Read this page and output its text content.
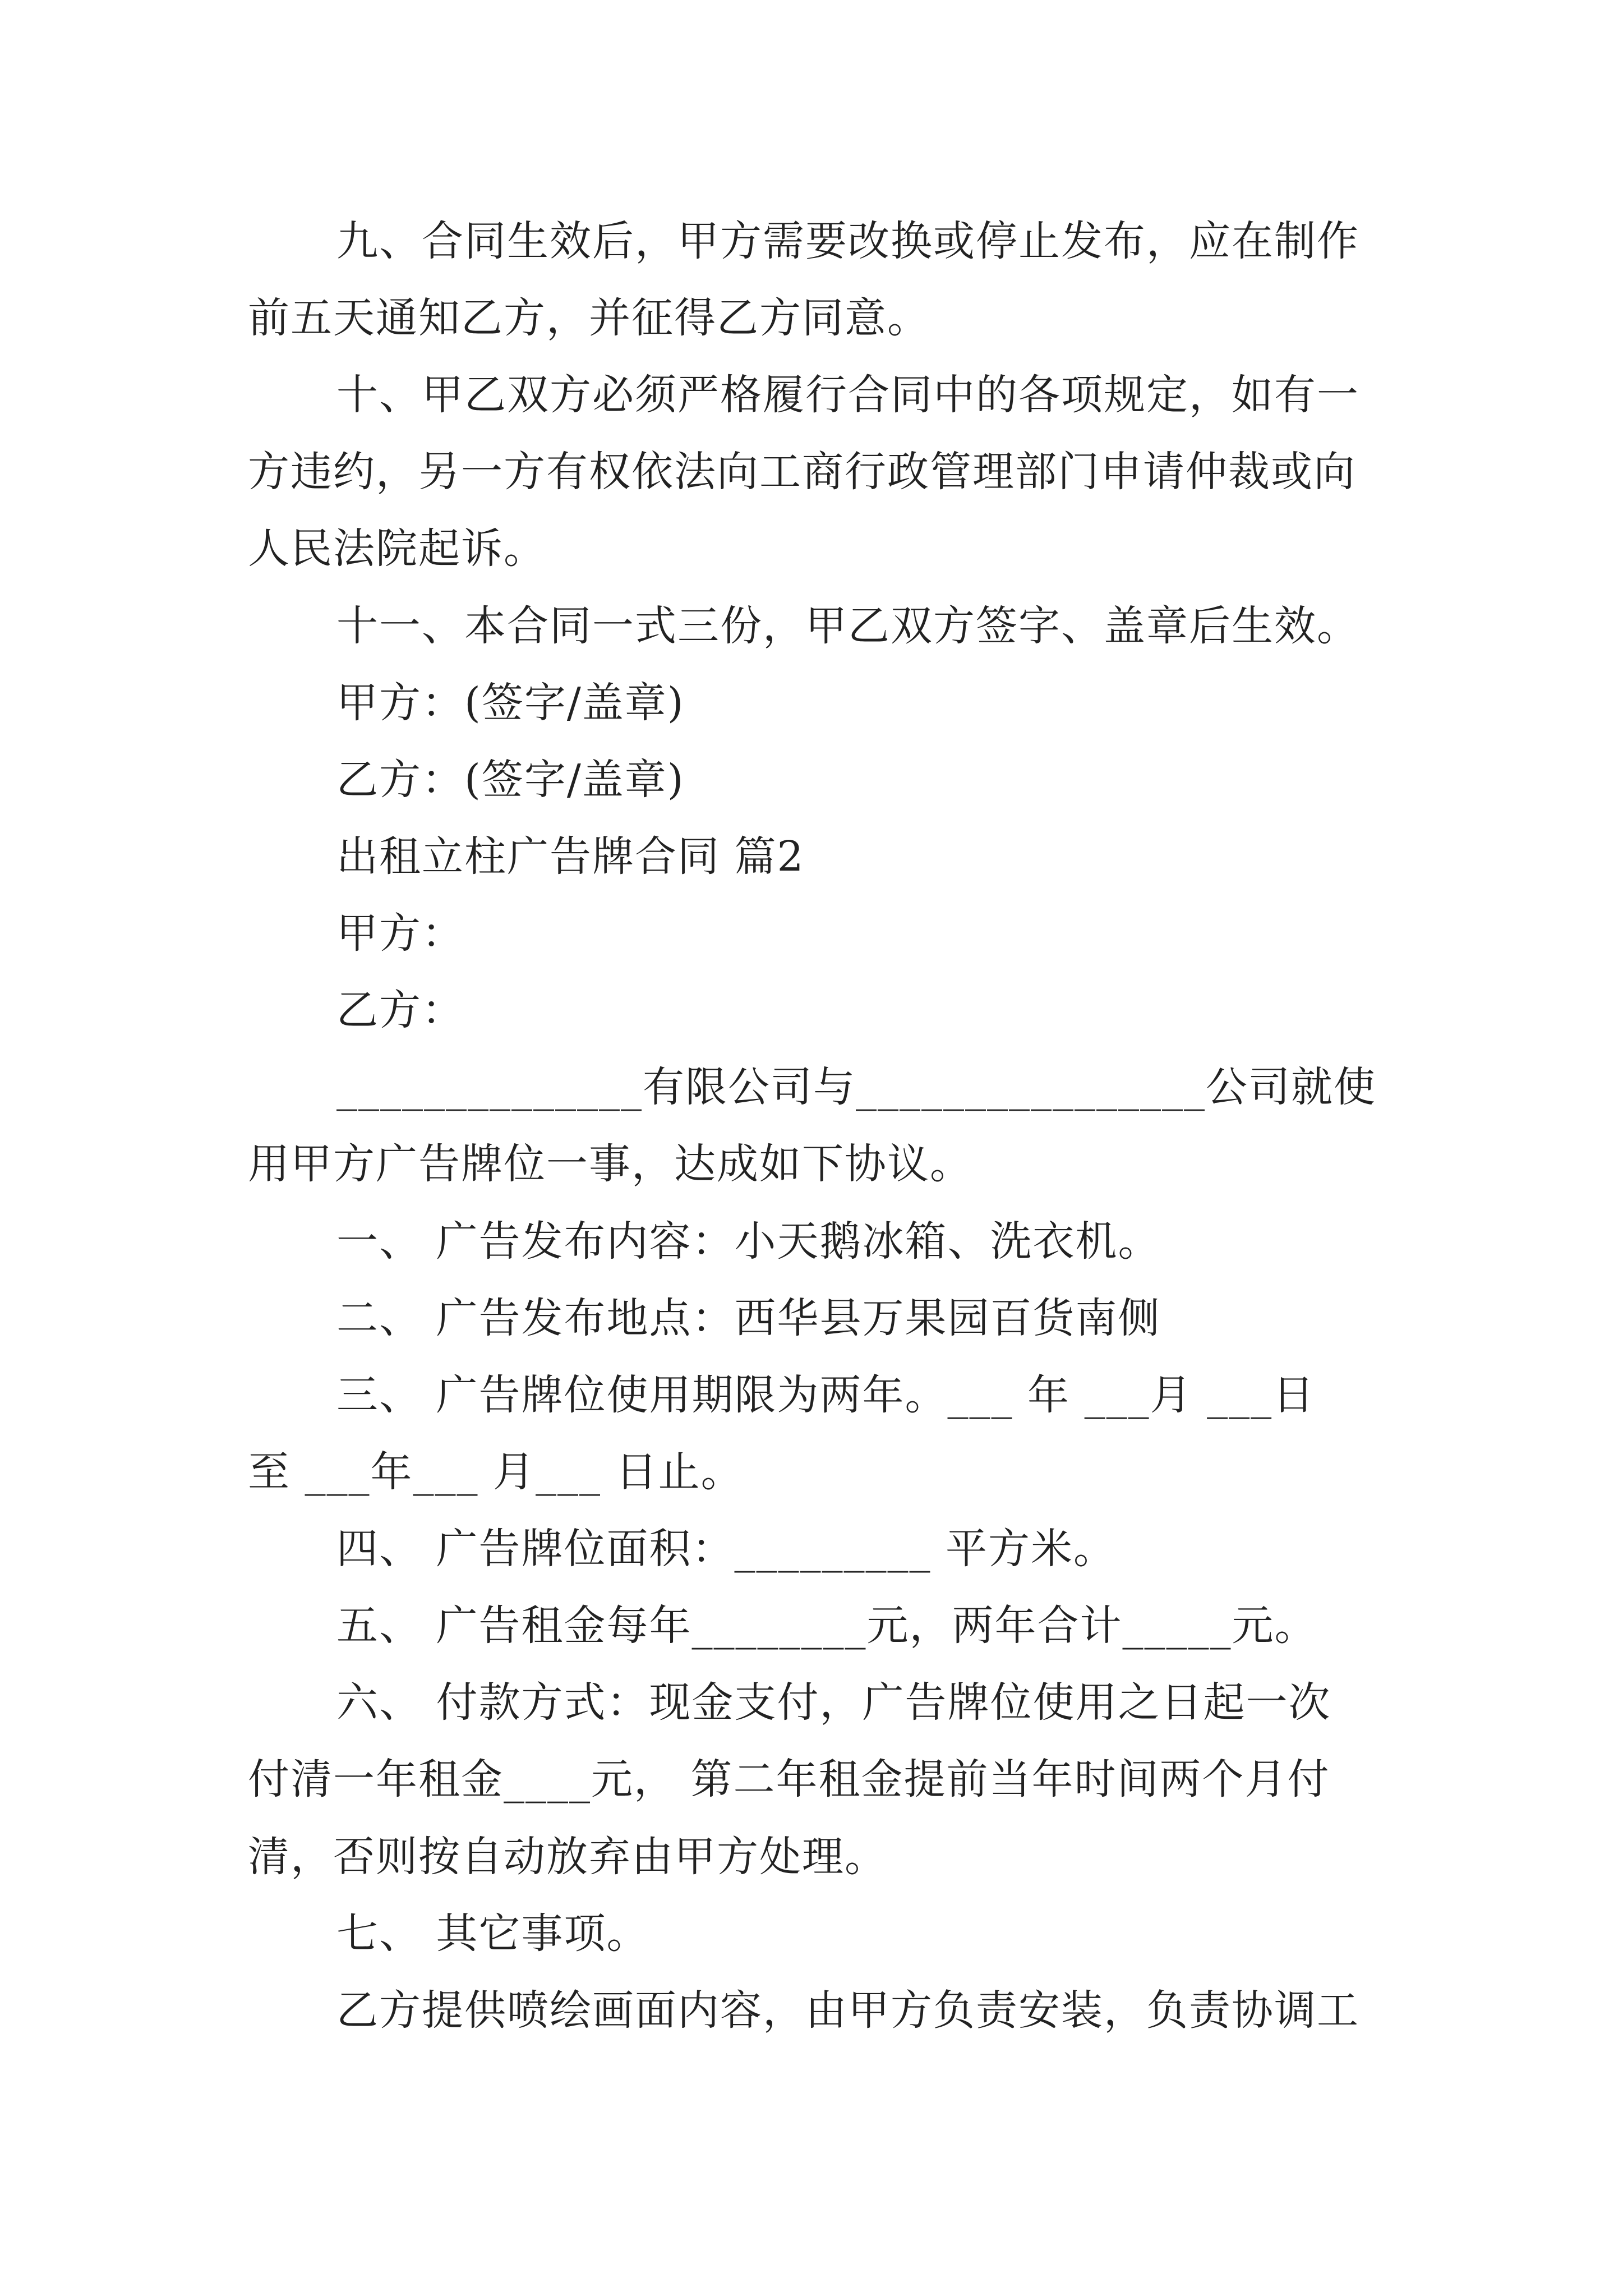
九、合同生效后，甲方需要改换或停止发布，应在制作
前五天通知乙方，并征得乙方同意。
十、甲乙双方必须严格履行合同中的各项规定，如有一
方违约，另一方有权依法向工商行政管理部门申请仲裁或向
人民法院起诉。
十一、本合同一式三份，甲乙双方签字、盖章后生效。
甲方：(签字/盖章)
乙方：(签字/盖章)
出租立柱广告牌合同 篇2
甲方：
乙方：
______________有限公司与________________公司就使
用甲方广告牌位一事，达成如下协议。
一、 广告发布内容：小天鹅冰箱、洗衣机。
二、 广告发布地点：西华县万果园百货南侧
三、 广告牌位使用期限为两年。___ 年 ___月 ___日
至 ___年___ 月___ 日止。
四、 广告牌位面积：_________ 平方米。
五、 广告租金每年________元，两年合计_____元。
六、 付款方式：现金支付，广告牌位使用之日起一次
付清一年租金____元， 第二年租金提前当年时间两个月付
清，否则按自动放弃由甲方处理。
七、 其它事项。
乙方提供喷绘画面内容，由甲方负责安装，负责协调工
